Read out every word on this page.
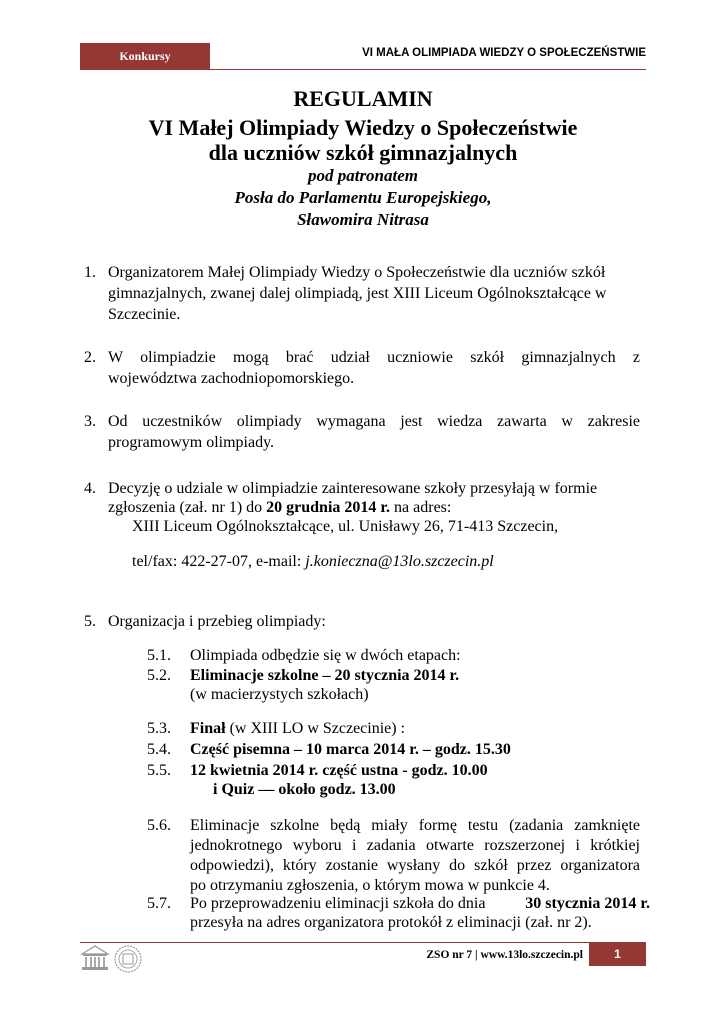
Konkursy	VI MAŁA OLIMPIADA WIEDZY O SPOŁECZEŃSTWIE
REGULAMIN
VI Małej Olimpiady Wiedzy o Społeczeństwie
dla uczniów szkół gimnazjalnych
pod patronatem
Posła do Parlamentu Europejskiego,
Sławomira Nitrasa
1. Organizatorem Małej Olimpiady Wiedzy o Społeczeństwie dla uczniów szkół
gimnazjalnych, zwanej dalej olimpiadą, jest XIII Liceum Ogólnokształcące w
Szczecinie.
2. W olimpiadzie mogą brać udział uczniowie szkół gimnazjalnych z
województwa zachodniopomorskiego.
3. Od uczestników olimpiady wymagana jest wiedza zawarta w zakresie
programowym olimpiady.
4. Decyzję o udziale w olimpiadzie zainteresowane szkoły przesyłają w formie
zgłoszenia (zał. nr 1) do 20 grudnia 2014 r. na adres:
XIII Liceum Ogólnokształcące, ul. Unisławy 26, 71-413 Szczecin,
tel/fax: 422-27-07, e-mail: j.konieczna@13lo.szczecin.pl
5. Organizacja i przebieg olimpiady:
5.1. Olimpiada odbędzie się w dwóch etapach:
5.2. Eliminacje szkolne – 20 stycznia 2014 r.
(w macierzystych szkołach)
5.3. Finał (w XIII LO w Szczecinie) :
5.4. Część pisemna – 10 marca 2014 r. – godz. 15.30
5.5. 12 kwietnia 2014 r. część ustna - godz. 10.00
i Quiz — około godz. 13.00
5.6. Eliminacje szkolne będą miały formę testu (zadania zamknięte
jednokrotnego wyboru i zadania otwarte rozszerzonej i krótkiej
odpowiedzi), który zostanie wysłany do szkół przez organizatora
po otrzymaniu zgłoszenia, o którym mowa w punkcie 4.
5.7. Po przeprowadzeniu eliminacji szkoła do dnia 30 stycznia 2014 r.
przesyła na adres organizatora protokół z eliminacji (zał. nr 2).
ZSO nr 7 | www.13lo.szczecin.pl	1
